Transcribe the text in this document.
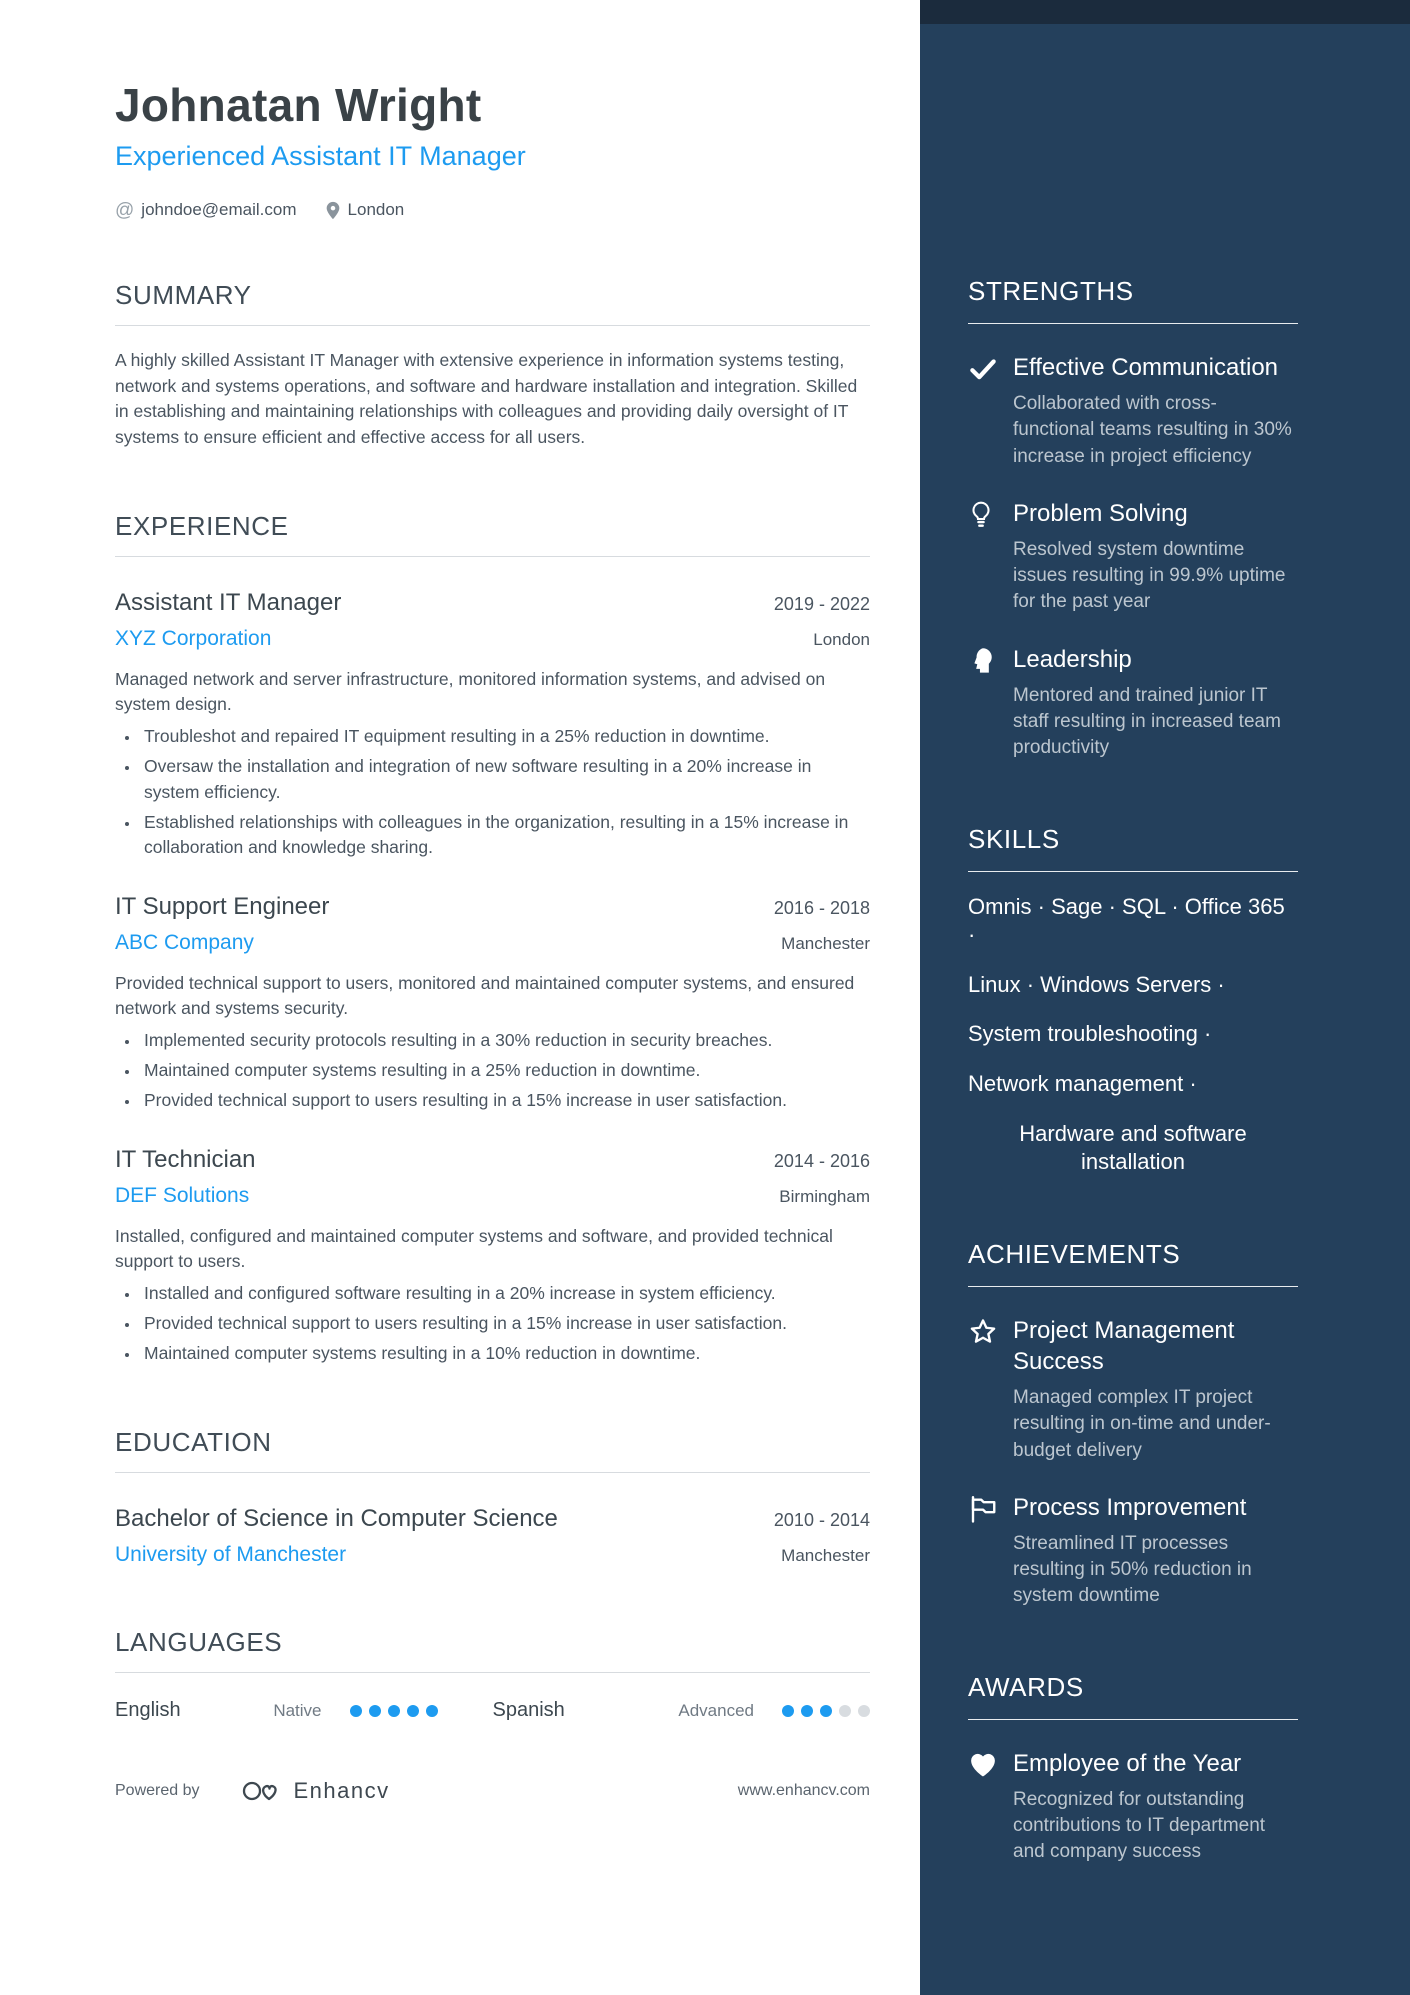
Johnatan Wright
Experienced Assistant IT Manager
@ johndoe@email.com	London
SUMMARY

A highly skilled Assistant IT Manager with extensive experience in information systems testing, network and systems operations, and software and hardware installation and integration. Skilled in establishing and maintaining relationships with colleagues and providing daily oversight of IT systems to ensure efficient and effective access for all users.

EXPERIENCE
Assistant IT Manager	2019 - 2022
XYZ Corporation	London

Managed network and server infrastructure, monitored information systems, and advised on system design.

• Troubleshot and repaired IT equipment resulting in a 25% reduction in downtime.
• Oversaw the installation and integration of new software resulting in a 20% increase in system efficiency.
• Established relationships with colleagues in the organization, resulting in a 15% increase in collaboration and knowledge sharing.
IT Support Engineer	2016 - 2018
ABC Company	Manchester

Provided technical support to users, monitored and maintained computer systems, and ensured network and systems security.

• Implemented security protocols resulting in a 30% reduction in security breaches.
• Maintained computer systems resulting in a 25% reduction in downtime.
• Provided technical support to users resulting in a 15% increase in user satisfaction.
IT Technician	2014 - 2016
DEF Solutions	Birmingham

Installed, configured and maintained computer systems and software, and provided technical support to users.

• Installed and configured software resulting in a 20% increase in system efficiency.
• Provided technical support to users resulting in a 15% increase in user satisfaction.
• Maintained computer systems resulting in a 10% reduction in downtime.
EDUCATION
Bachelor of Science in Computer Science	2010 - 2014
University of Manchester	Manchester
LANGUAGES
English	Native	Spanish	Advanced
Powered by	Enhancv	www.enhancv.com
STRENGTHS
Effective Communication
Collaborated with cross-functional teams resulting in 30% increase in project efficiency
Problem Solving
Resolved system downtime issues resulting in 99.9% uptime for the past year
Leadership
Mentored and trained junior IT staff resulting in increased team productivity
SKILLS
Omnis · Sage · SQL · Office 365 ·
Linux · Windows Servers ·
System troubleshooting ·
Network management ·
Hardware and software installation
ACHIEVEMENTS
Project Management Success
Managed complex IT project resulting in on-time and under-budget delivery
Process Improvement
Streamlined IT processes resulting in 50% reduction in system downtime
AWARDS
Employee of the Year
Recognized for outstanding contributions to IT department and company success
